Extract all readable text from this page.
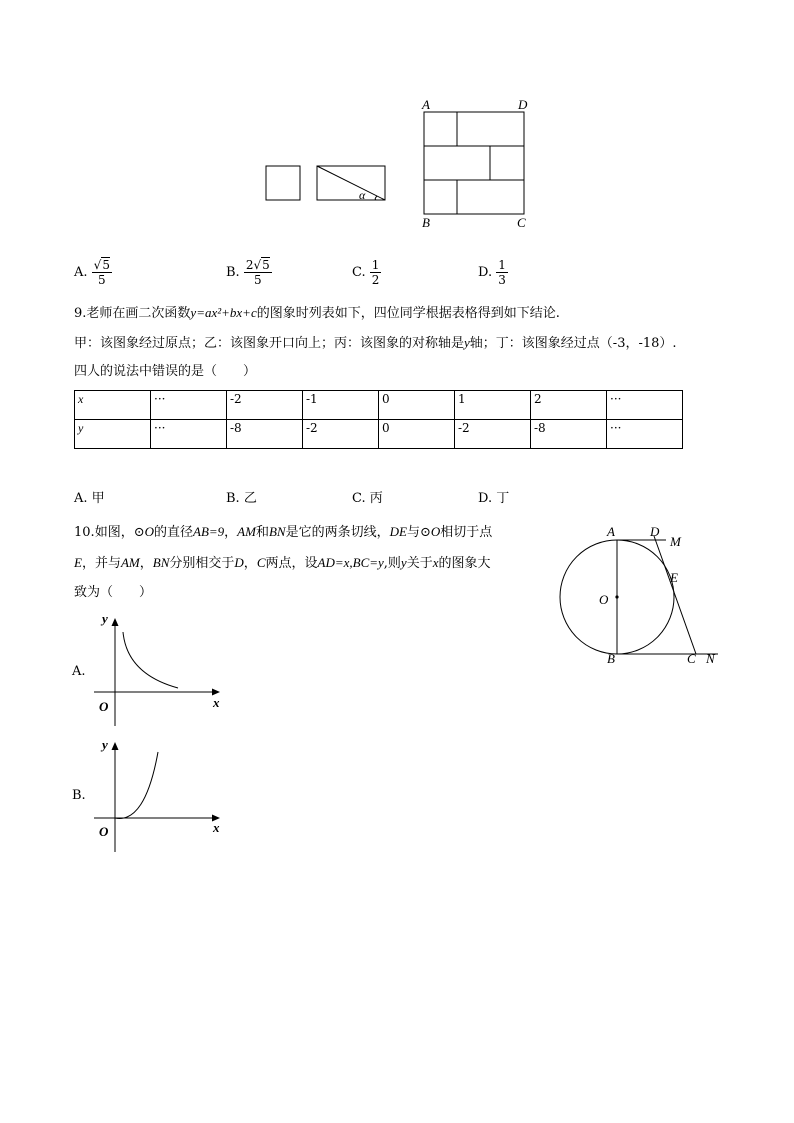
α
A	D
B	C
A. $\frac{√5}{5}$	B. $\frac{2√5}{5}$	C. $\frac{1}{2}$	D. $\frac{1}{3}$
9.老师在画二次函数y=ax²+bx+c的图象时列表如下，四位同学根据表格得到如下结论.
甲：该图象经过原点；乙：该图象开口向上；丙：该图象的对称轴是y轴；丁：该图象经过点（-3，-18）.
四人的说法中错误的是（　　）
x	···	-2	-1	0	1	2	···
y	···	-8	-2	0	-2	-8	···
A. 甲	B. 乙	C. 丙	D. 丁
10.如图，⊙O的直径AB=9，AM和BN是它的两条切线，DE与⊙O相切于点
E，并与AM，BN分别相交于D，C两点，设AD=x,BC=y,则y关于x的图象大
致为（　　）
A	D
M
E
O
B	C N
A.
y
x
O
B.
y
x
O
